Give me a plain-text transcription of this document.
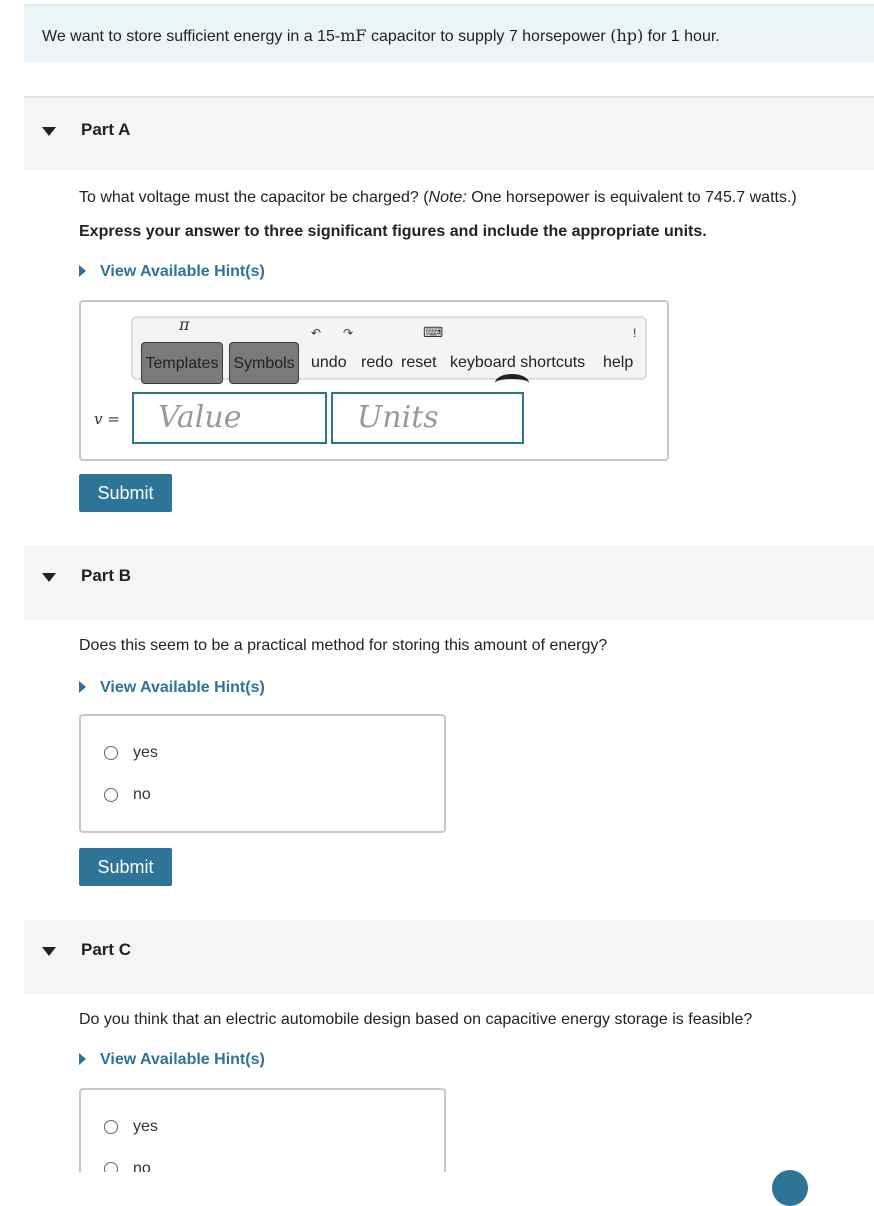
We want to store sufficient energy in a 15-mF capacitor to supply 7 horsepower (hp) for 1 hour.
Part A
To what voltage must the capacitor be charged? (Note: One horsepower is equivalent to 745.7 watts.)
Express your answer to three significant figures and include the appropriate units.
View Available Hint(s)
π
Templates Symbols
↶
undo
↷
redo reset
⌨
keyboard shortcuts
!
help
v =	Value	Units
Submit
Part B
Does this seem to be a practical method for storing this amount of energy?
View Available Hint(s)
yes
no
Submit
Part C
Do you think that an electric automobile design based on capacitive energy storage is feasible?
View Available Hint(s)
yes
no
